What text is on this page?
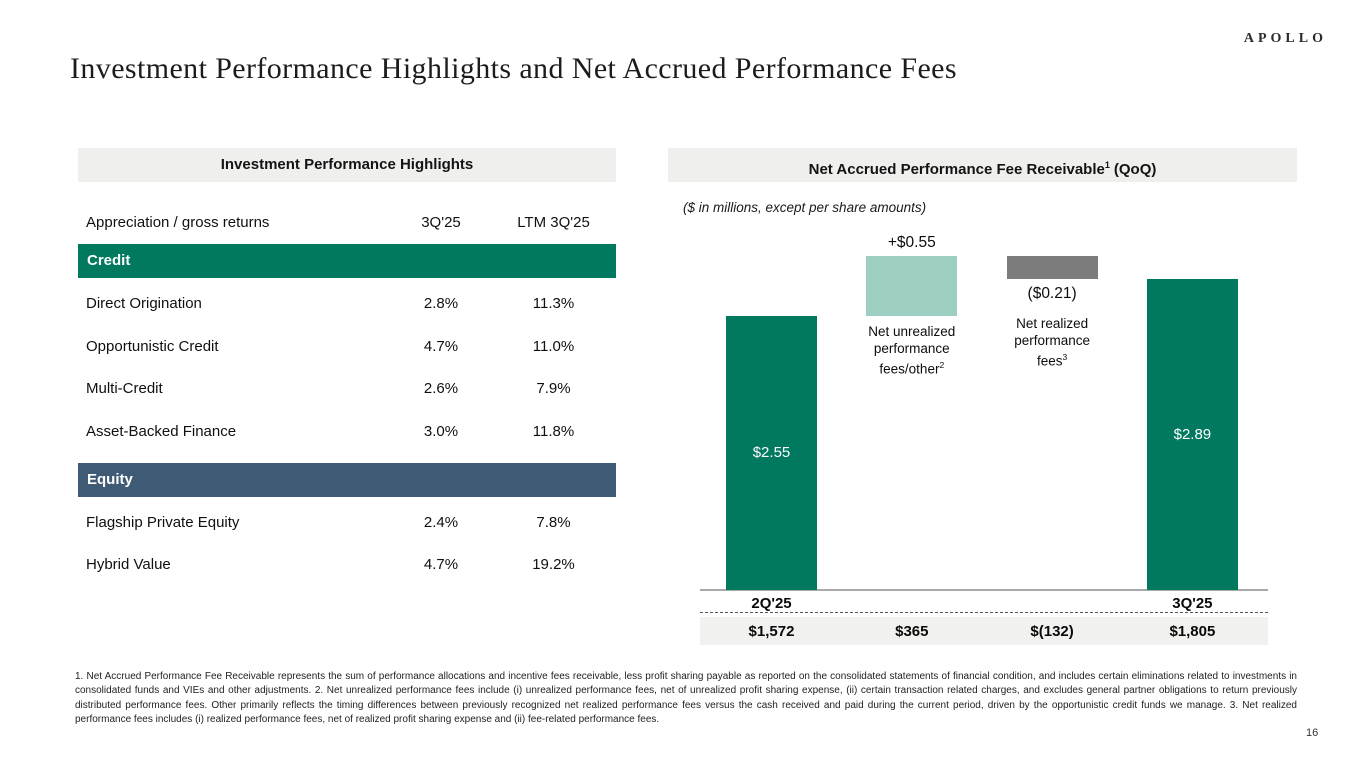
APOLLO
Investment Performance Highlights and Net Accrued Performance Fees
Investment Performance Highlights
Appreciation / gross returns	3Q'25	LTM 3Q'25
Credit
Direct Origination	2.8%	11.3%
Opportunistic Credit	4.7%	11.0%
Multi-Credit	2.6%	7.9%
Asset-Backed Finance	3.0%	11.8%
Equity
Flagship Private Equity	2.4%	7.8%
Hybrid Value	4.7%	19.2%
Net Accrued Performance Fee Receivable$^1$ (QoQ)
($ in millions, except per share amounts)
$2.55
2Q'25
$1,572
+$0.55
Net unrealized
performance
fees/other$^2$
$365
($0.21)
Net realized
performance
fees$^3$
$(132)
$2.89
3Q'25
$1,805
1. Net Accrued Performance Fee Receivable represents the sum of performance allocations and incentive fees receivable, less profit sharing payable as reported on the consolidated statements of financial condition, and includes certain eliminations related to investments in consolidated funds and VIEs and other adjustments. 2. Net unrealized performance fees include (i) unrealized performance fees, net of unrealized profit sharing expense, (ii) certain transaction related charges, and excludes general partner obligations to return previously distributed performance fees. Other primarily reflects the timing differences between previously recognized net realized performance fees versus the cash received and paid during the current period, driven by the opportunistic credit funds we manage. 3. Net realized performance fees includes (i) realized performance fees, net of realized profit sharing expense and (ii) fee-related performance fees.
16
